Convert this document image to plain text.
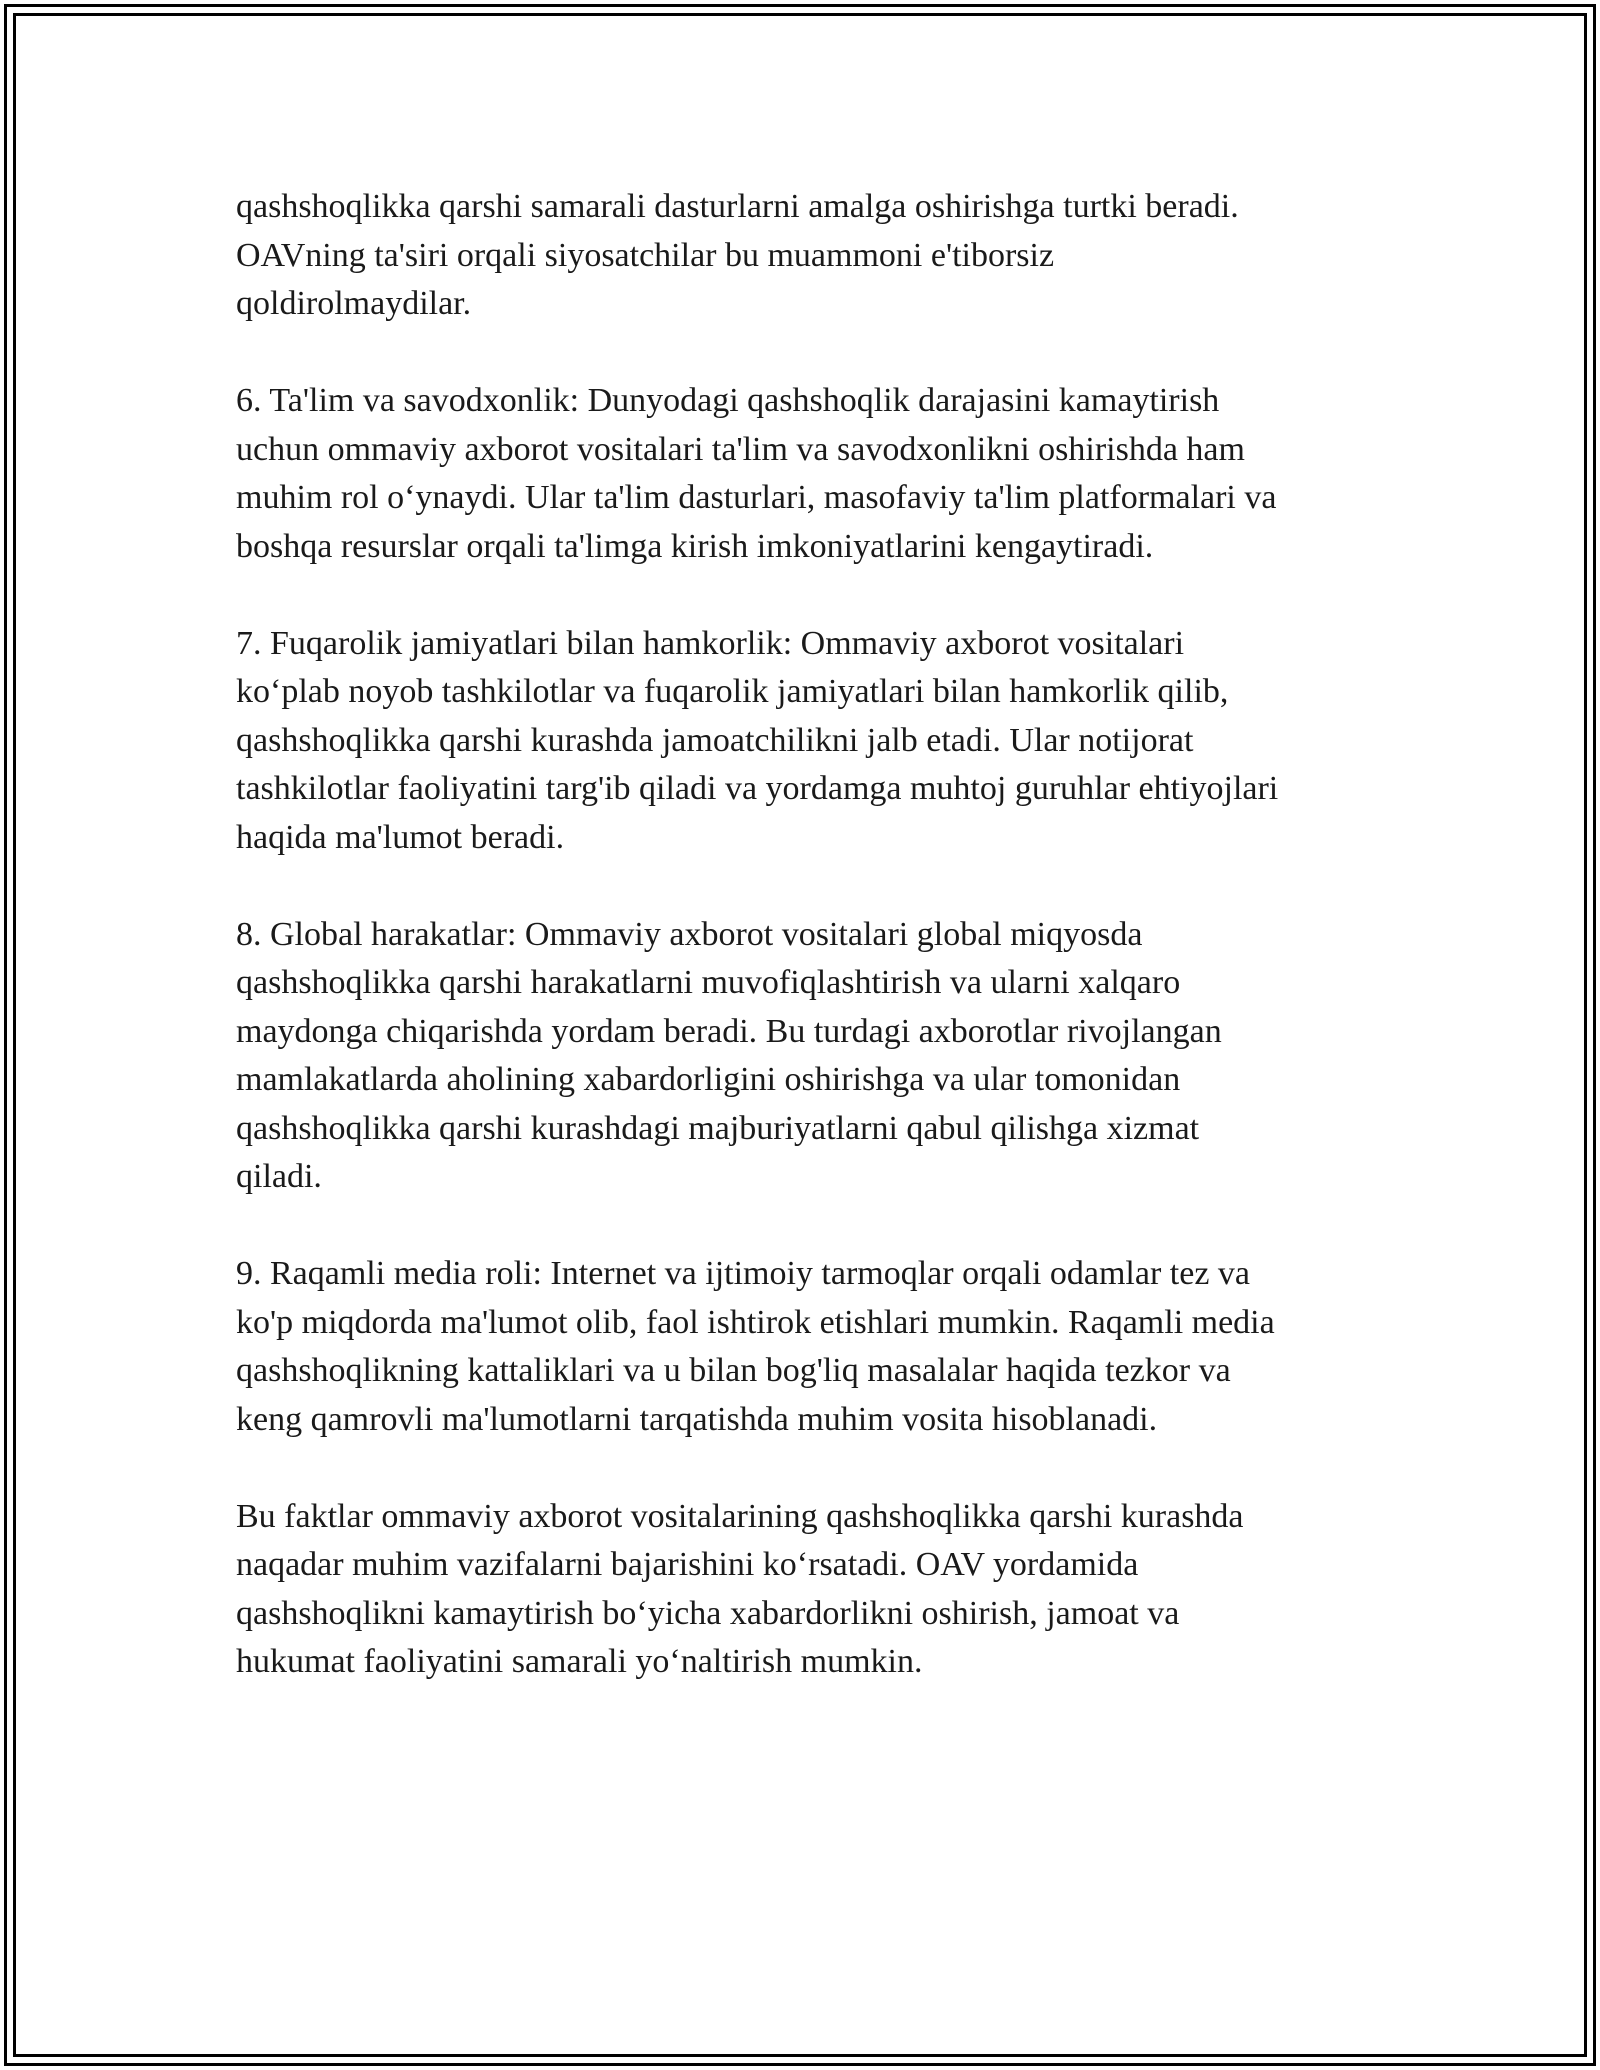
qashshoqlikka qarshi samarali dasturlarni amalga oshirishga turtki beradi.
OAVning ta'siri orqali siyosatchilar bu muammoni e'tiborsiz
qoldirolmaydilar.

6. Ta'lim va savodxonlik: Dunyodagi qashshoqlik darajasini kamaytirish
uchun ommaviy axborot vositalari ta'lim va savodxonlikni oshirishda ham
muhim rol o‘ynaydi. Ular ta'lim dasturlari, masofaviy ta'lim platformalari va
boshqa resurslar orqali ta'limga kirish imkoniyatlarini kengaytiradi.

7. Fuqarolik jamiyatlari bilan hamkorlik: Ommaviy axborot vositalari
ko‘plab noyob tashkilotlar va fuqarolik jamiyatlari bilan hamkorlik qilib,
qashshoqlikka qarshi kurashda jamoatchilikni jalb etadi. Ular notijorat
tashkilotlar faoliyatini targ'ib qiladi va yordamga muhtoj guruhlar ehtiyojlari
haqida ma'lumot beradi.

8. Global harakatlar: Ommaviy axborot vositalari global miqyosda
qashshoqlikka qarshi harakatlarni muvofiqlashtirish va ularni xalqaro
maydonga chiqarishda yordam beradi. Bu turdagi axborotlar rivojlangan
mamlakatlarda aholining xabardorligini oshirishga va ular tomonidan
qashshoqlikka qarshi kurashdagi majburiyatlarni qabul qilishga xizmat
qiladi.

9. Raqamli media roli: Internet va ijtimoiy tarmoqlar orqali odamlar tez va
ko'p miqdorda ma'lumot olib, faol ishtirok etishlari mumkin. Raqamli media
qashshoqlikning kattaliklari va u bilan bog'liq masalalar haqida tezkor va
keng qamrovli ma'lumotlarni tarqatishda muhim vosita hisoblanadi.

Bu faktlar ommaviy axborot vositalarining qashshoqlikka qarshi kurashda
naqadar muhim vazifalarni bajarishini ko‘rsatadi. OAV yordamida
qashshoqlikni kamaytirish bo‘yicha xabardorlikni oshirish, jamoat va
hukumat faoliyatini samarali yo‘naltirish mumkin.
